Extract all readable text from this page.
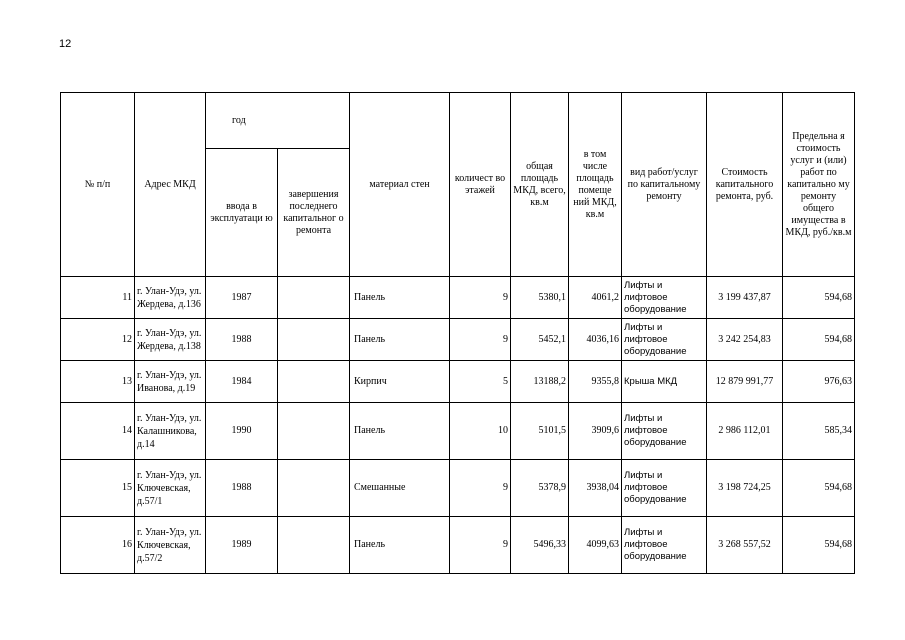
12
№ п/п	Адрес МКД	год		материал стен	количест во этажей	общая площадь МКД, всего, кв.м	в том числе площадь помеще ний МКД, кв.м	вид работ/услуг по капитальному ремонту	Стоимость капитального ремонта, руб.	Предельна я стоимость услуг и (или) работ по капитально му ремонту общего имущества в МКД, руб./кв.м
		ввода в эксплуатаци ю	завершения последнего капитальног о ремонта							
11	г. Улан-Удэ, ул. Жердева, д.136	1987		Панель	9	5380,1	4061,2	Лифты и лифтовое оборудование	3 199 437,87	594,68
12	г. Улан-Удэ, ул. Жердева, д.138	1988		Панель	9	5452,1	4036,16	Лифты и лифтовое оборудование	3 242 254,83	594,68
13	г. Улан-Удэ, ул. Иванова, д.19	1984		Кирпич	5	13188,2	9355,8	Крыша МКД	12 879 991,77	976,63
14	г. Улан-Удэ, ул. Калашникова, д.14	1990		Панель	10	5101,5	3909,6	Лифты и лифтовое оборудование	2 986 112,01	585,34
15	г. Улан-Удэ, ул. Ключевская, д.57/1	1988		Смешанные	9	5378,9	3938,04	Лифты и лифтовое оборудование	3 198 724,25	594,68
16	г. Улан-Удэ, ул. Ключевская, д.57/2	1989		Панель	9	5496,33	4099,63	Лифты и лифтовое оборудование	3 268 557,52	594,68
